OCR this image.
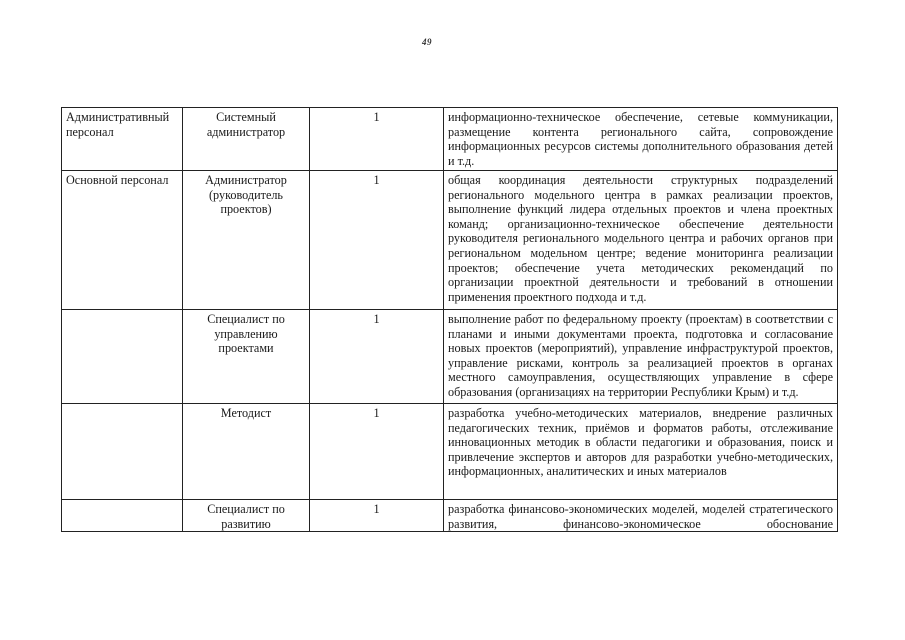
49
Административный персонал	Системный администратор	1	информационно-техническое обеспечение, сетевые коммуникации, размещение контента регионального сайта, сопровождение информационных ресурсов системы дополнительного образования детей и т.д.
Основной персонал	Администратор (руководитель проектов)	1	общая координация деятельности структурных подразделений регионального модельного центра в рамках реализации проектов, выполнение функций лидера отдельных проектов и члена проектных команд; организационно-техническое обеспечение деятельности руководителя регионального модельного центра и рабочих органов при региональном модельном центре; ведение мониторинга реализации проектов; обеспечение учета методических рекомендаций по организации проектной деятельности и требований в отношении применения проектного подхода и т.д.
	Специалист по управлению проектами	1	выполнение работ по федеральному проекту (проектам) в соответствии с планами и иными документами проекта, подготовка и согласование новых проектов (мероприятий), управление инфраструктурой проектов, управление рисками, контроль за реализацией проектов в органах местного самоуправления, осуществляющих управление в сфере образования (организациях на территории Республики Крым) и т.д.
	Методист	1	разработка учебно-методических материалов, внедрение различных педагогических техник, приёмов и форматов работы, отслеживание инновационных методик в области педагогики и образования, поиск и привлечение экспертов и авторов для разработки учебно-методических, информационных, аналитических и иных материалов
	Специалист по развитию	1	разработка финансово-экономических моделей, моделей стратегического развития, финансово-экономическое обоснование
